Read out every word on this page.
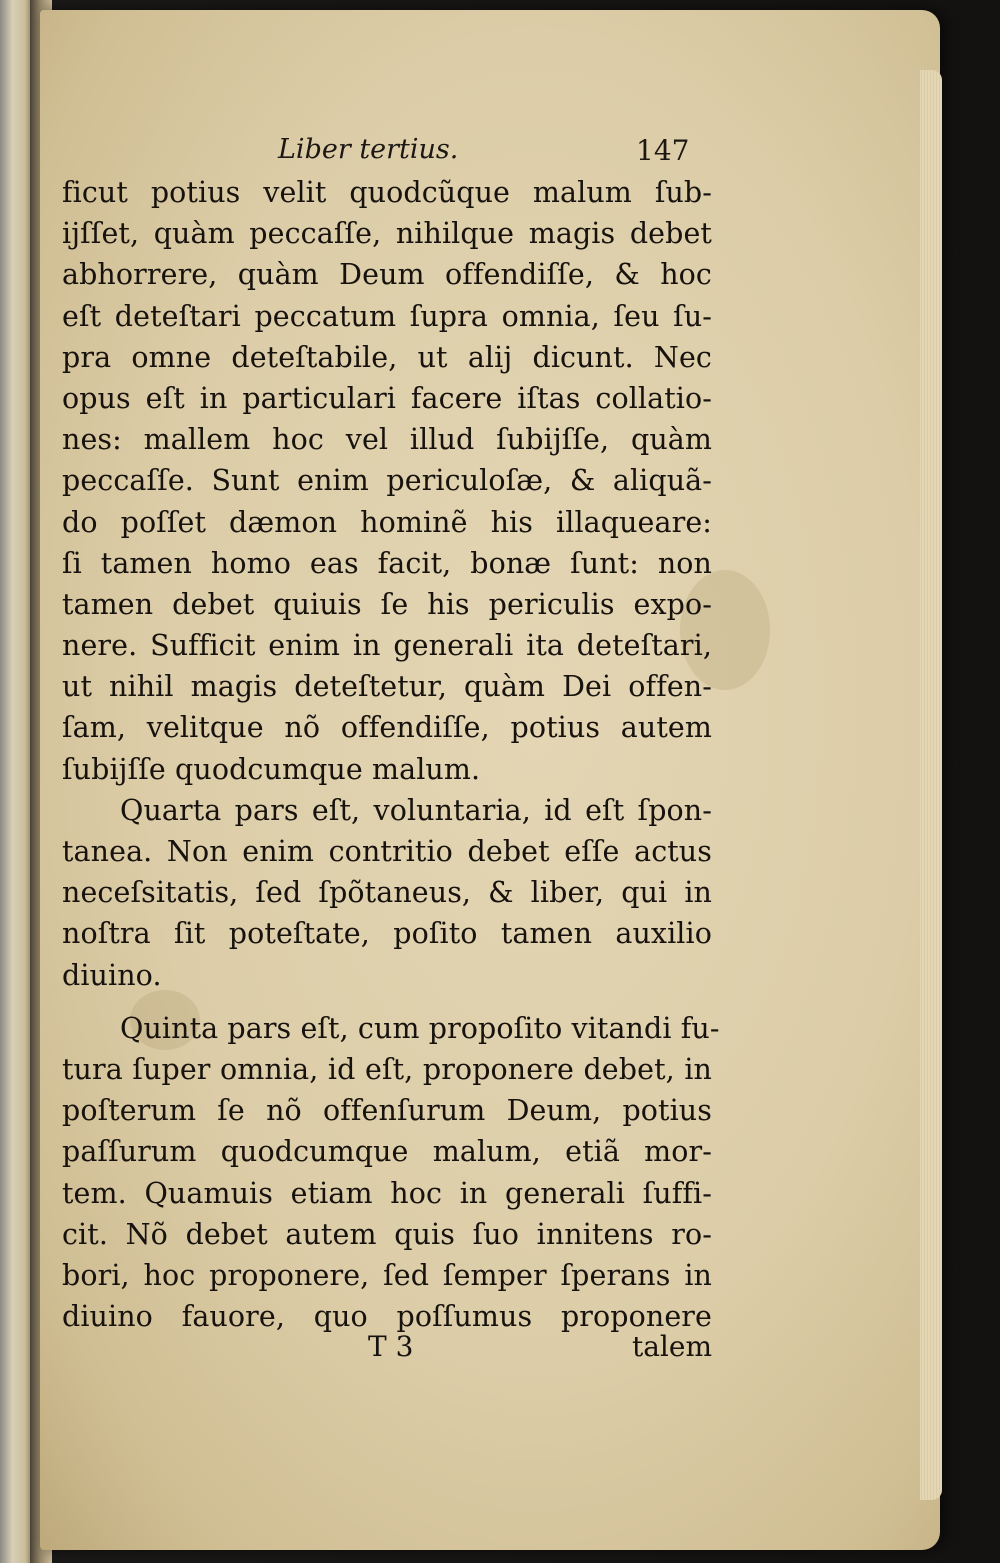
Liber tertius.	147
ficut potius velit quodcũque malum ſub-
ijſſet, quàm peccaſſe, nihilque magis debet
abhorrere, quàm Deum offendiſſe, & hoc
eſt deteſtari peccatum ſupra omnia, ſeu ſu-
pra omne deteſtabile, ut alij dicunt. Nec
opus eſt in particulari facere iſtas collatio-
nes: mallem hoc vel illud ſubijſſe, quàm
peccaſſe. Sunt enim periculoſæ, & aliquã-
do poſſet dæmon hominẽ his illaqueare:
ſi tamen homo eas facit, bonæ ſunt: non
tamen debet quiuis ſe his periculis expo-
nere. Sufficit enim in generali ita deteſtari,
ut nihil magis deteſtetur, quàm Dei offen-
ſam, velitque nõ offendiſſe, potius autem
ſubijſſe quodcumque malum.
Quarta pars eſt, voluntaria, id eſt ſpon-
tanea. Non enim contritio debet eſſe actus
neceſsitatis, ſed ſpõtaneus, & liber, qui in
noſtra ſit poteſtate, poſito tamen auxilio
diuino.
Quinta pars eſt, cum propoſito vitandi fu-
tura ſuper omnia, id eſt, proponere debet, in
poſterum ſe nõ offenſurum Deum, potius
paſſurum quodcumque malum, etiã mor-
tem. Quamuis etiam hoc in generali ſuffi-
cit. Nõ debet autem quis ſuo innitens ro-
bori, hoc proponere, ſed ſemper ſperans in
diuino fauore, quo poſſumus proponere
T 3	talem
